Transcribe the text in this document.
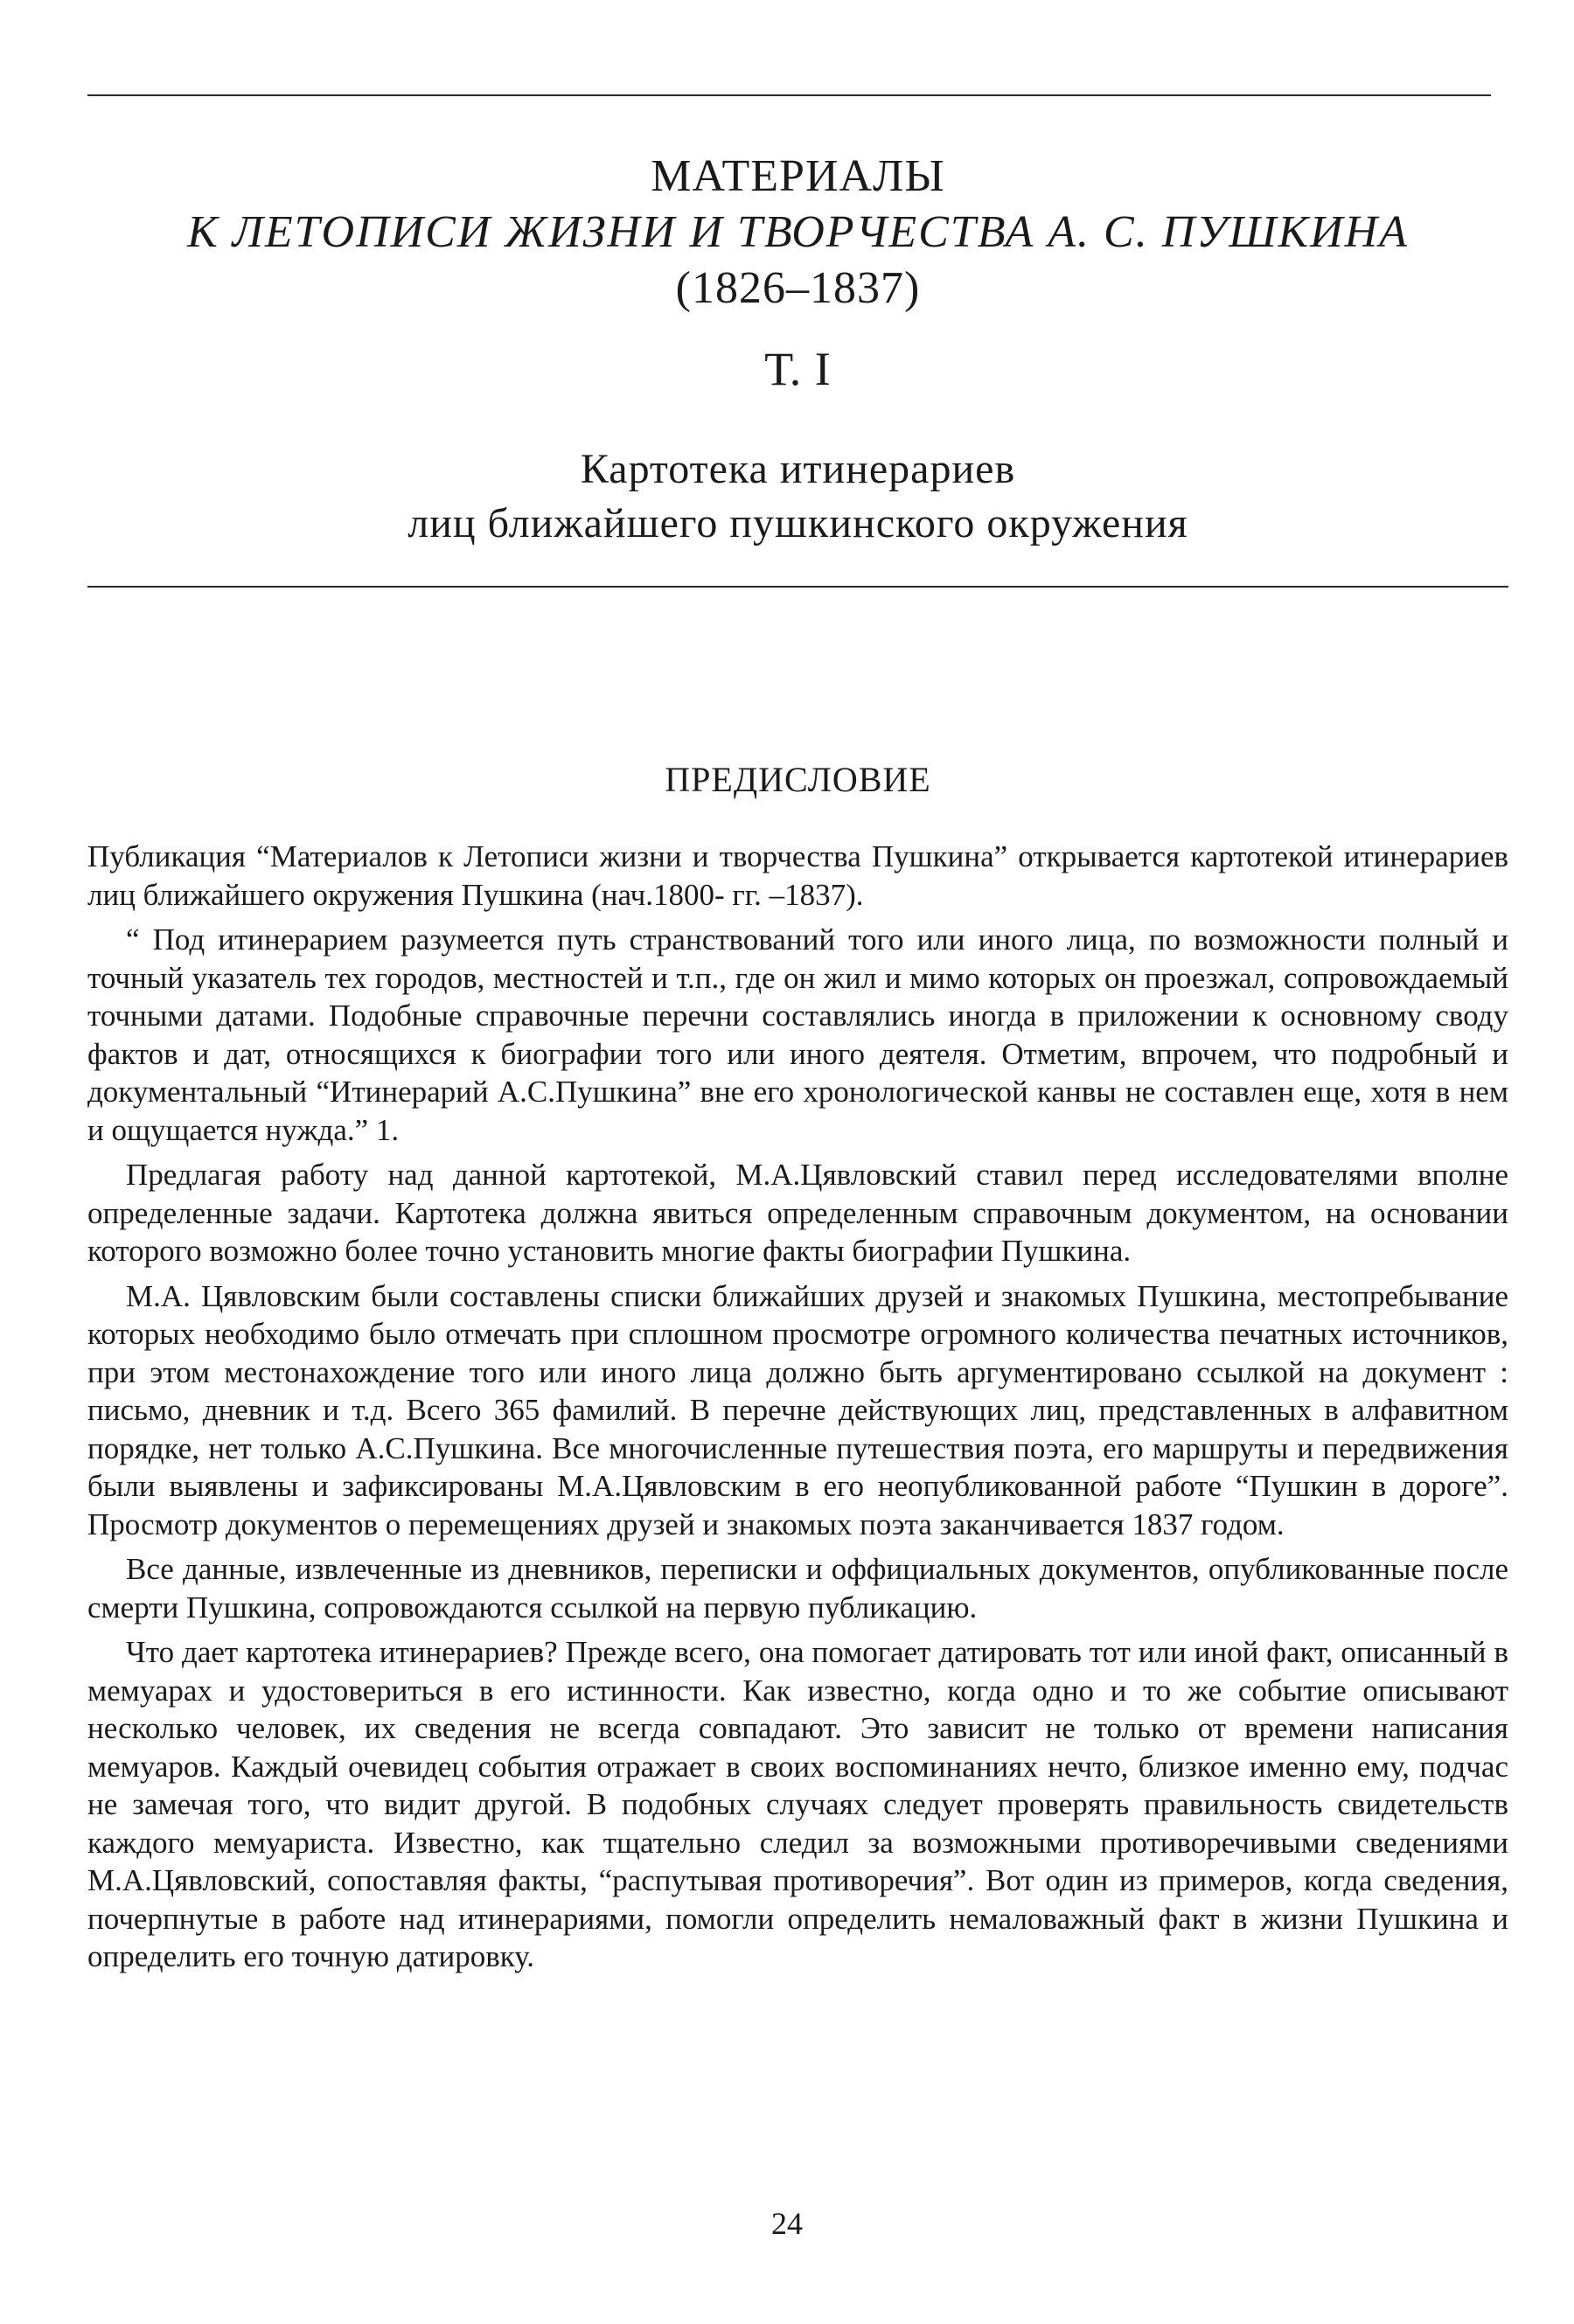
МАТЕРИАЛЫ
К ЛЕТОПИСИ ЖИЗНИ И ТВОРЧЕСТВА А. С. ПУШКИНА
(1826–1837)
Т. I
Картотека итинерариев
лиц ближайшего пушкинского окружения
ПРЕДИСЛОВИЕ

Публикация “Материалов к Летописи жизни и творчества Пушкина” открывается картотекой итинерариев лиц ближайшего окружения Пушкина (нач.1800- гг. –1837).

“ Под итинерарием разумеется путь странствований того или иного лица, по возможности полный и точный указатель тех городов, местностей и т.п., где он жил и мимо которых он проезжал, сопровождаемый точными датами. Подобные справочные перечни составлялись иногда в приложении к основному своду фактов и дат, относящихся к биографии того или иного деятеля. Отметим, впрочем, что подробный и документальный “Итинерарий А.С.Пушкина” вне его хронологической канвы не составлен еще, хотя в нем и ощущается нужда.” 1.

Предлагая работу над данной картотекой, М.А.Цявловский ставил перед исследователями вполне определенные задачи. Картотека должна явиться определенным справочным документом, на основании которого возможно более точно установить многие факты биографии Пушкина.

М.А. Цявловским были составлены списки ближайших друзей и знакомых Пушкина, местопребывание которых необходимо было отмечать при сплошном просмотре огромного количества печатных источников, при этом местонахождение того или иного лица должно быть аргументировано ссылкой на документ : письмо, дневник и т.д. Всего 365 фамилий. В перечне действующих лиц, представленных в алфавитном порядке, нет только А.С.Пушкина. Все многочисленные путешествия поэта, его маршруты и передвижения были выявлены и зафиксированы М.А.Цявловским в его неопубликованной работе “Пушкин в дороге”. Просмотр документов о перемещениях друзей и знакомых поэта заканчивается 1837 годом.

Все данные, извлеченные из дневников, переписки и оффициальных документов, опубликованные после смерти Пушкина, сопровождаются ссылкой на первую публикацию.

Что дает картотека итинерариев? Прежде всего, она помогает датировать тот или иной факт, описанный в мемуарах и удостовериться в его истинности. Как известно, когда одно и то же событие описывают несколько человек, их сведения не всегда совпадают. Это зависит не только от времени написания мемуаров. Каждый очевидец события отражает в своих воспоминаниях нечто, близкое именно ему, подчас не замечая того, что видит другой. В подобных случаях следует проверять правильность свидетельств каждого мемуариста. Известно, как тщательно следил за возможными противоречивыми сведениями М.А.Цявловский, сопоставляя факты, “распутывая противоречия”. Вот один из примеров, когда сведения, почерпнутые в работе над итинерариями, помогли определить немаловажный факт в жизни Пушкина и определить его точную датировку.

24
